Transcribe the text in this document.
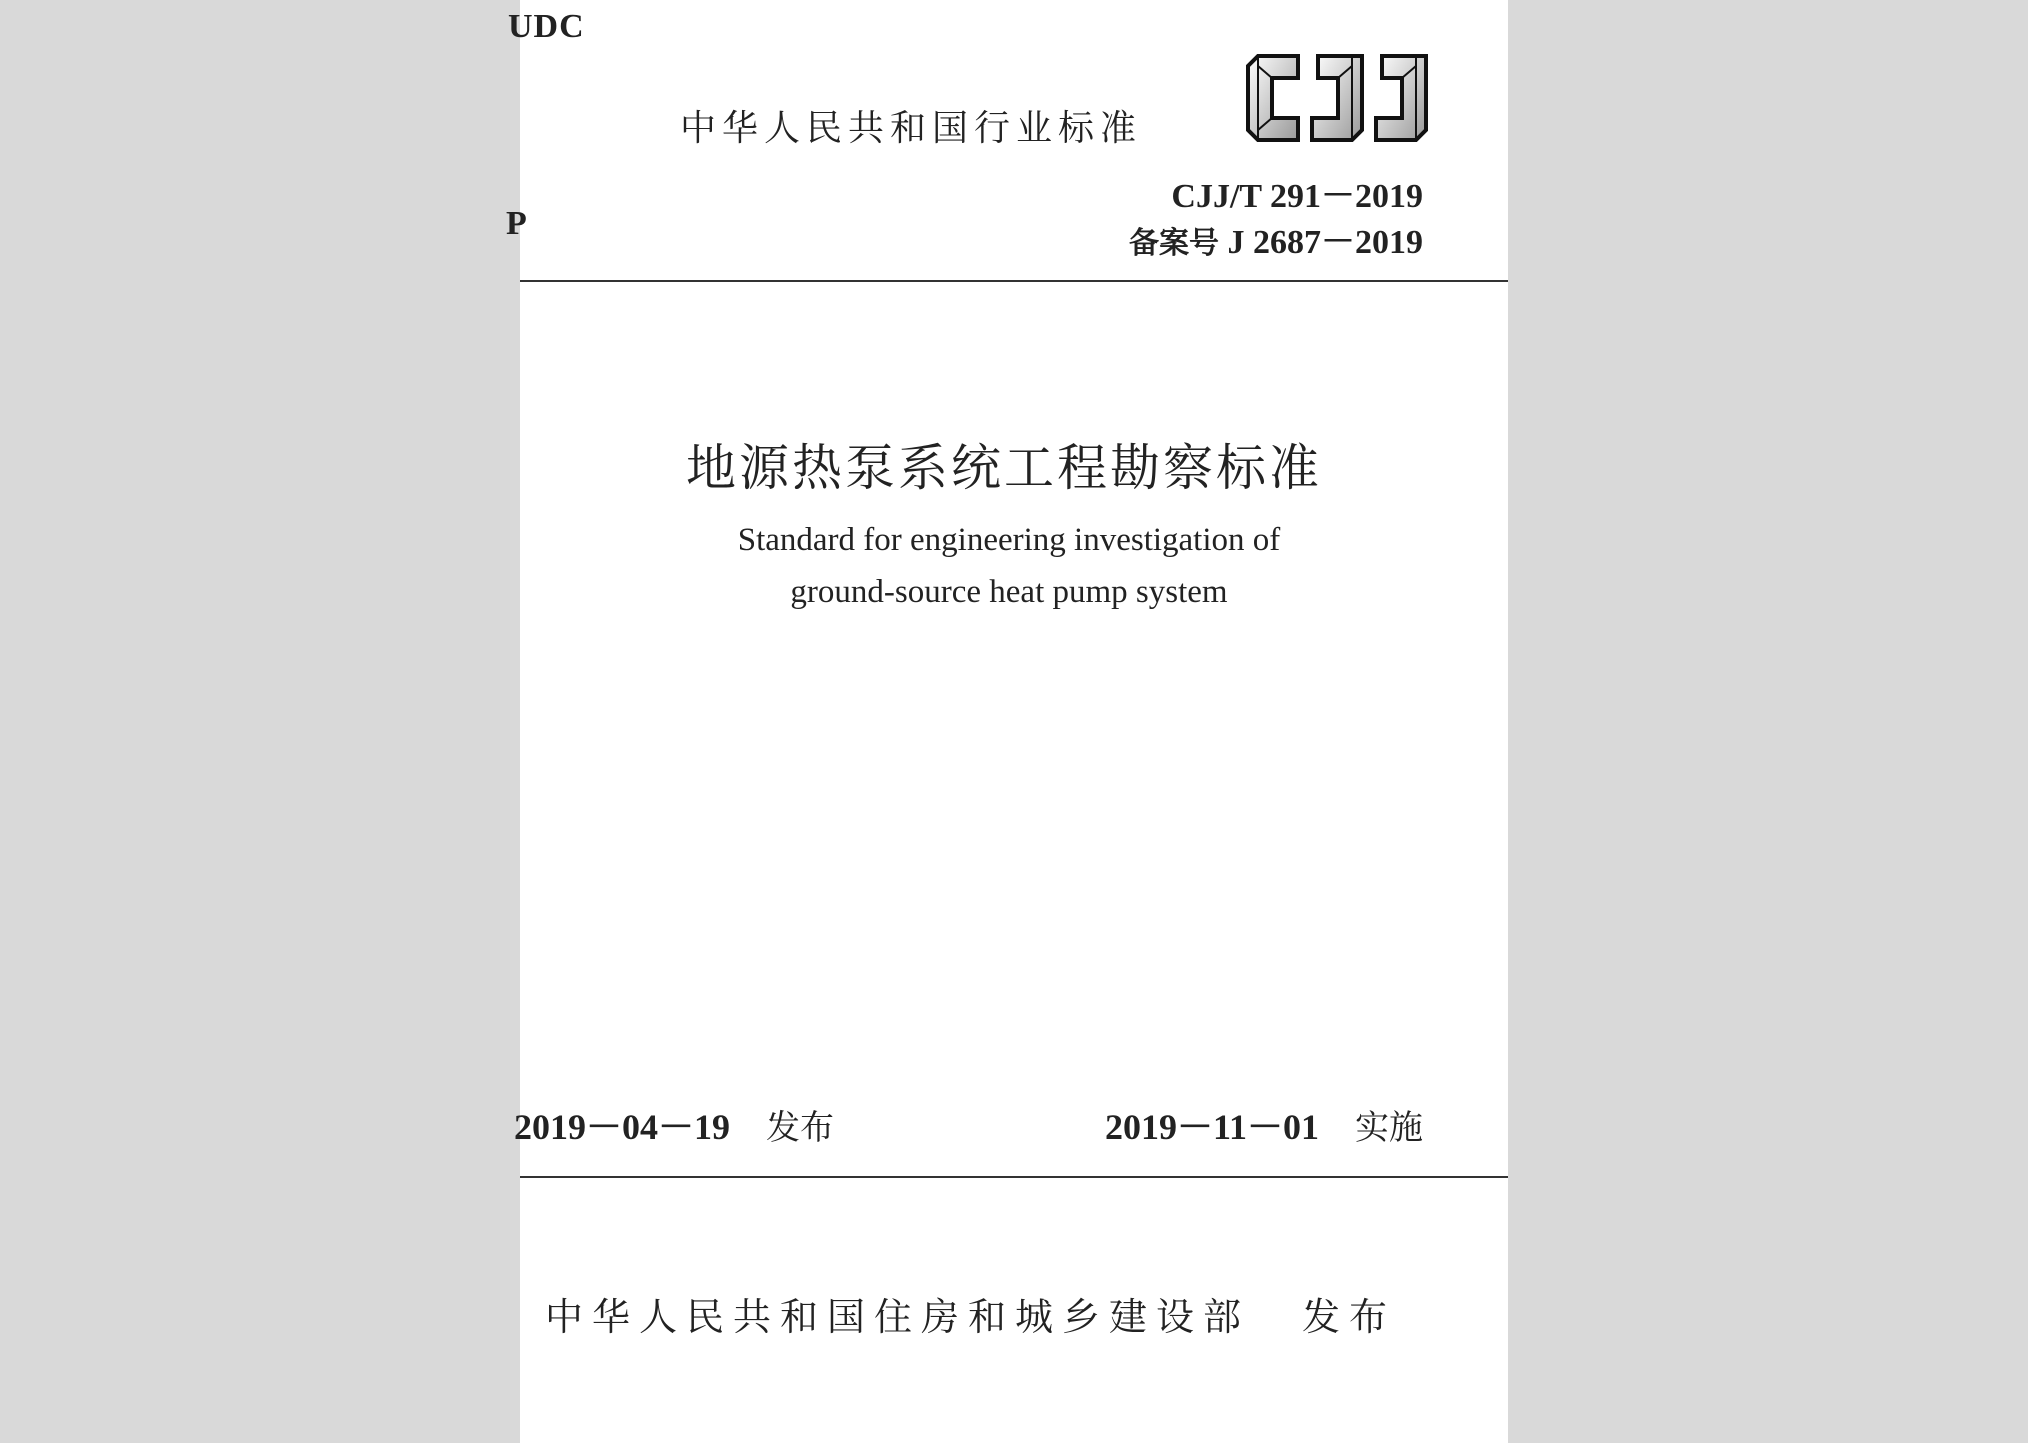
UDC
P
中华人民共和国行业标准
CJJ
CJJ/T 291－2019
备案号 J 2687－2019
地源热泵系统工程勘察标准
Standard for engineering investigation of
ground-source heat pump system
2019－04－19 发布	2019－11－01 实施
中华人民共和国住房和城乡建设部 发布
